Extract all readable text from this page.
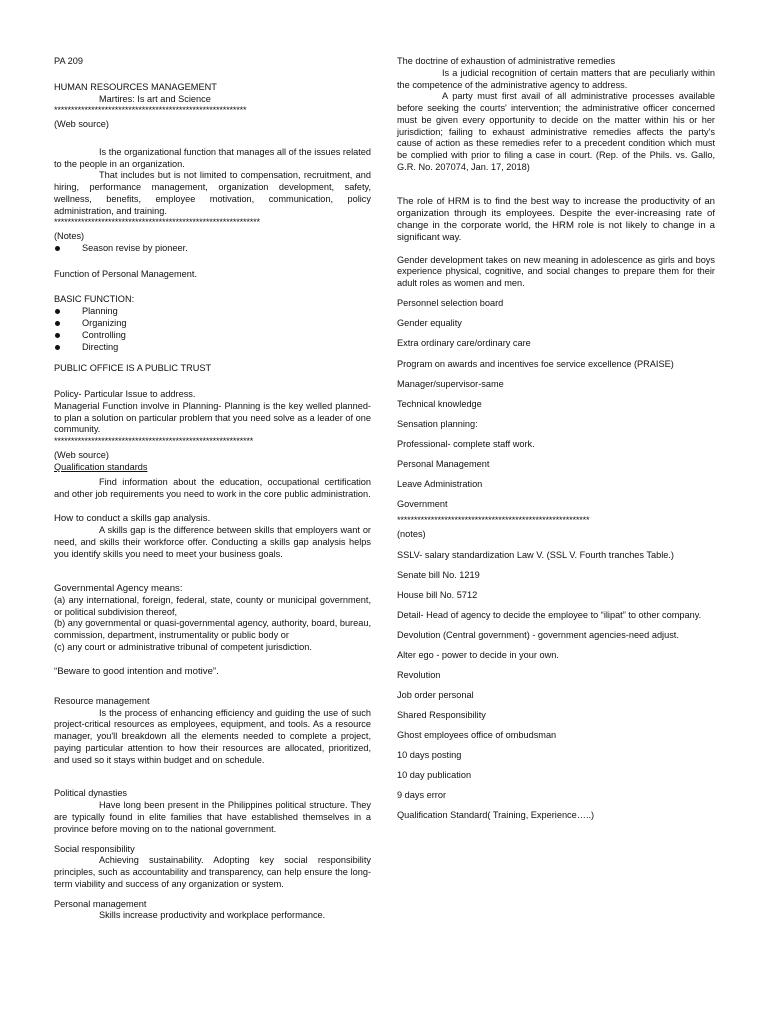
PA 209

HUMAN RESOURCES MANAGEMENT

Martires: Is art and Science

*********************************************************

(Web source)

Is the organizational function that manages all of the issues related to the people in an organization.

That includes but is not limited to compensation, recruitment, and hiring, performance management, organization development, safety, wellness, benefits, employee motivation, communication, policy administration, and training.

*************************************************************

(Notes)

Season revise by pioneer.

Function of Personal Management.

BASIC FUNCTION:

Planning
Organizing
Controlling
Directing

PUBLIC OFFICE IS A PUBLIC TRUST

Policy- Particular Issue to address.

Managerial Function involve in Planning- Planning is the key welled planned- to plan a solution on particular problem that you need solve as a leader of one community.

***********************************************************

(Web source)

Qualification standards

Find information about the education, occupational certification and other job requirements you need to work in the core public administration.

How to conduct a skills gap analysis.

A skills gap is the difference between skills that employers want or need, and skills their workforce offer. Conducting a skills gap analysis helps you identify skills you need to meet your business goals.

Governmental Agency means:

(a) any international, foreign, federal, state, county or municipal government, or political subdivision thereof,

(b) any governmental or quasi-governmental agency, authority, board, bureau, commission, department, instrumentality or public body or

(c) any court or administrative tribunal of competent jurisdiction.

“Beware to good intention and motive”.

Resource management

Is the process of enhancing efficiency and guiding the use of such project-critical resources as employees, equipment, and tools. As a resource manager, you'll breakdown all the elements needed to complete a project, paying particular attention to how their resources are allocated, prioritized, and used so it stays within budget and on schedule.

Political dynasties

Have long been present in the Philippines political structure. They are typically found in elite families that have established themselves in a province before moving on to the national government.

Social responsibility

Achieving sustainability. Adopting key social responsibility principles, such as accountability and transparency, can help ensure the long-term viability and success of any organization or system.

Personal management

Skills increase productivity and workplace performance.

The doctrine of exhaustion of administrative remedies

Is a judicial recognition of certain matters that are peculiarly within the competence of the administrative agency to address.

A party must first avail of all administrative processes available before seeking the courts' intervention; the administrative officer concerned must be given every opportunity to decide on the matter within his or her jurisdiction; failing to exhaust administrative remedies affects the party's cause of action as these remedies refer to a precedent condition which must be complied with prior to filing a case in court. (Rep. of the Phils. vs. Gallo, G.R. No. 207074, Jan. 17, 2018)

The role of HRM is to find the best way to increase the productivity of an organization through its employees. Despite the ever-increasing rate of change in the corporate world, the HRM role is not likely to change in a significant way.

Gender development takes on new meaning in adolescence as girls and boys experience physical, cognitive, and social changes to prepare them for their adult roles as women and men.

Personnel selection board

Gender equality

Extra ordinary care/ordinary care

Program on awards and incentives foe service excellence (PRAISE)

Manager/supervisor-same

Technical knowledge

Sensation planning:

Professional- complete staff work.

Personal Management

Leave Administration

Government

*********************************************************

(notes)

SSLV- salary standardization Law V. (SSL V. Fourth tranches Table.)

Senate bill No. 1219

House bill No. 5712

Detail- Head of agency to decide the employee to “ilipat” to other company.

Devolution (Central government) - government agencies-need adjust.

Alter ego - power to decide in your own.

Revolution

Job order personal

Shared Responsibility

Ghost employees office of ombudsman

10 days posting

10 day publication

9 days error

Qualification Standard( Training, Experience…..)
